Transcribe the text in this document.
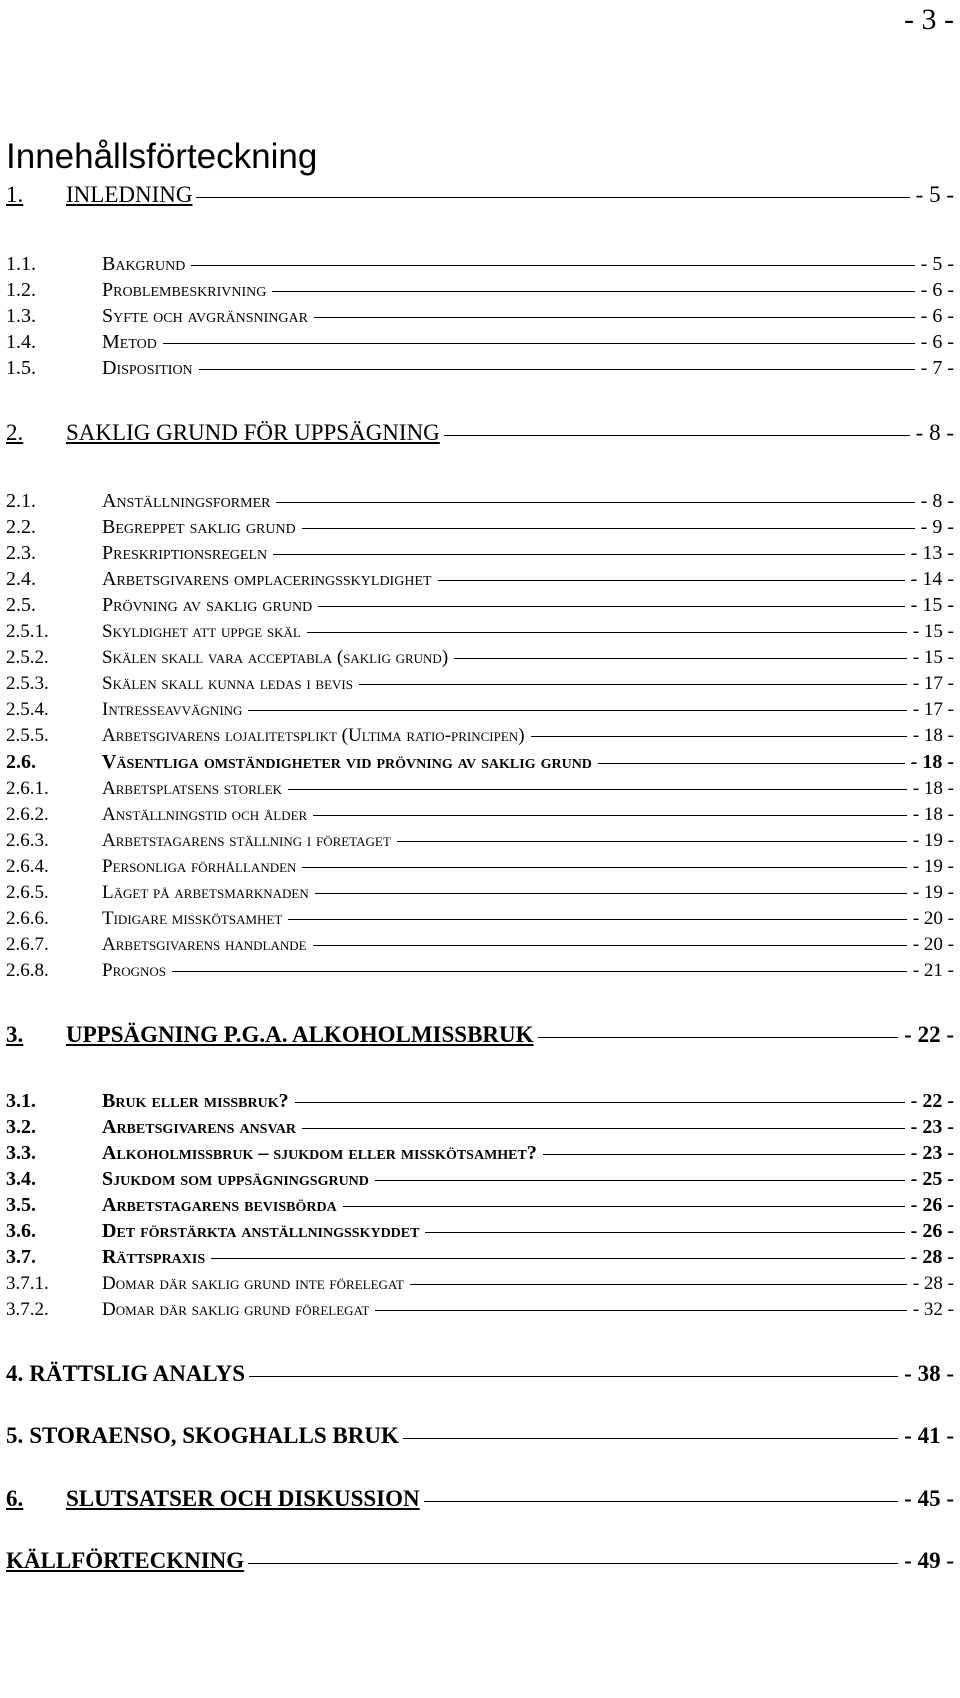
- 3 -
Innehållsförteckning
1.	INLEDNING	- 5 -
1.1.	Bakgrund	- 5 -
1.2.	Problembeskrivning	- 6 -
1.3.	Syfte och avgränsningar	- 6 -
1.4.	Metod	- 6 -
1.5.	Disposition	- 7 -
2.	SAKLIG GRUND FÖR UPPSÄGNING	- 8 -
2.1.	Anställningsformer	- 8 -
2.2.	Begreppet saklig grund	- 9 -
2.3.	Preskriptionsregeln	- 13 -
2.4.	Arbetsgivarens omplaceringsskyldighet	- 14 -
2.5.	Prövning av saklig grund	- 15 -
2.5.1.	Skyldighet att uppge skäl	- 15 -
2.5.2.	Skälen skall vara acceptabla (saklig grund)	- 15 -
2.5.3.	Skälen skall kunna ledas i bevis	- 17 -
2.5.4.	Intresseavvägning	- 17 -
2.5.5.	Arbetsgivarens lojalitetsplikt (Ultima ratio-principen)	- 18 -
2.6.	Väsentliga omständigheter vid prövning av saklig grund	- 18 -
2.6.1.	Arbetsplatsens storlek	- 18 -
2.6.2.	Anställningstid och ålder	- 18 -
2.6.3.	Arbetstagarens ställning i företaget	- 19 -
2.6.4.	Personliga förhållanden	- 19 -
2.6.5.	Läget på arbetsmarknaden	- 19 -
2.6.6.	Tidigare misskötsamhet	- 20 -
2.6.7.	Arbetsgivarens handlande	- 20 -
2.6.8.	Prognos	- 21 -
3.	UPPSÄGNING P.G.A. ALKOHOLMISSBRUK	- 22 -
3.1.	Bruk eller missbruk?	- 22 -
3.2.	Arbetsgivarens ansvar	- 23 -
3.3.	Alkoholmissbruk – sjukdom eller misskötsamhet?	- 23 -
3.4.	Sjukdom som uppsägningsgrund	- 25 -
3.5.	Arbetstagarens bevisbörda	- 26 -
3.6.	Det förstärkta anställningsskyddet	- 26 -
3.7.	Rättspraxis	- 28 -
3.7.1.	Domar där saklig grund inte förelegat	- 28 -
3.7.2.	Domar där saklig grund förelegat	- 32 -
4. RÄTTSLIG ANALYS	- 38 -
5. STORAENSO, SKOGHALLS BRUK	- 41 -
6.	SLUTSATSER OCH DISKUSSION	- 45 -
KÄLLFÖRTECKNING	- 49 -
